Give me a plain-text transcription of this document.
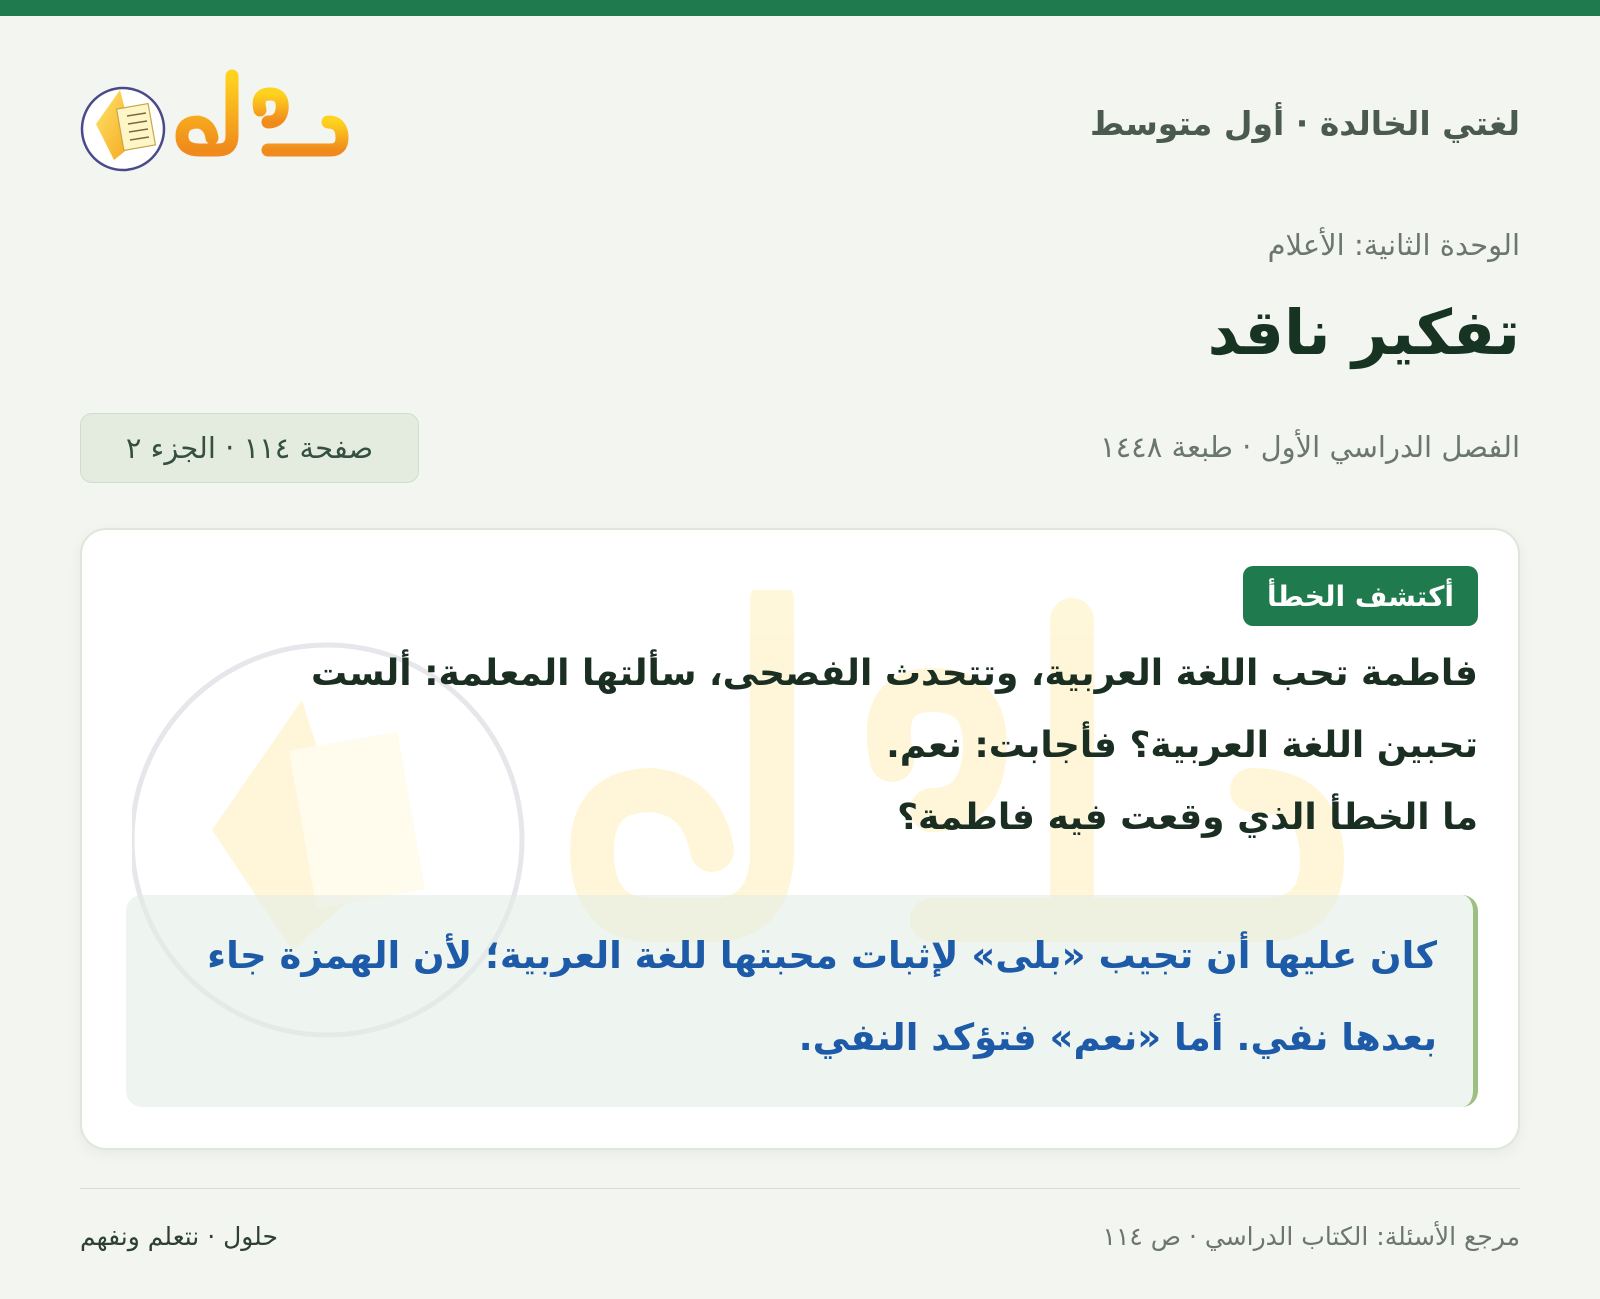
لغتي الخالدة · أول متوسط
الوحدة الثانية: الأعلام
تفكير ناقد
الفصل الدراسي الأول · طبعة ١٤٤٨
صفحة ١١٤ · الجزء ٢
أكتشف الخطأ

فاطمة تحب اللغة العربية، وتتحدث الفصحى، سألتها المعلمة: ألست تحبين اللغة العربية؟ فأجابت: نعم.

ما الخطأ الذي وقعت فيه فاطمة؟

كان عليها أن تجيب «بلى» لإثبات محبتها للغة العربية؛ لأن الهمزة جاء بعدها نفي. أما «نعم» فتؤكد النفي.
مرجع الأسئلة: الكتاب الدراسي · ص ١١٤
حلول · نتعلم ونفهم
